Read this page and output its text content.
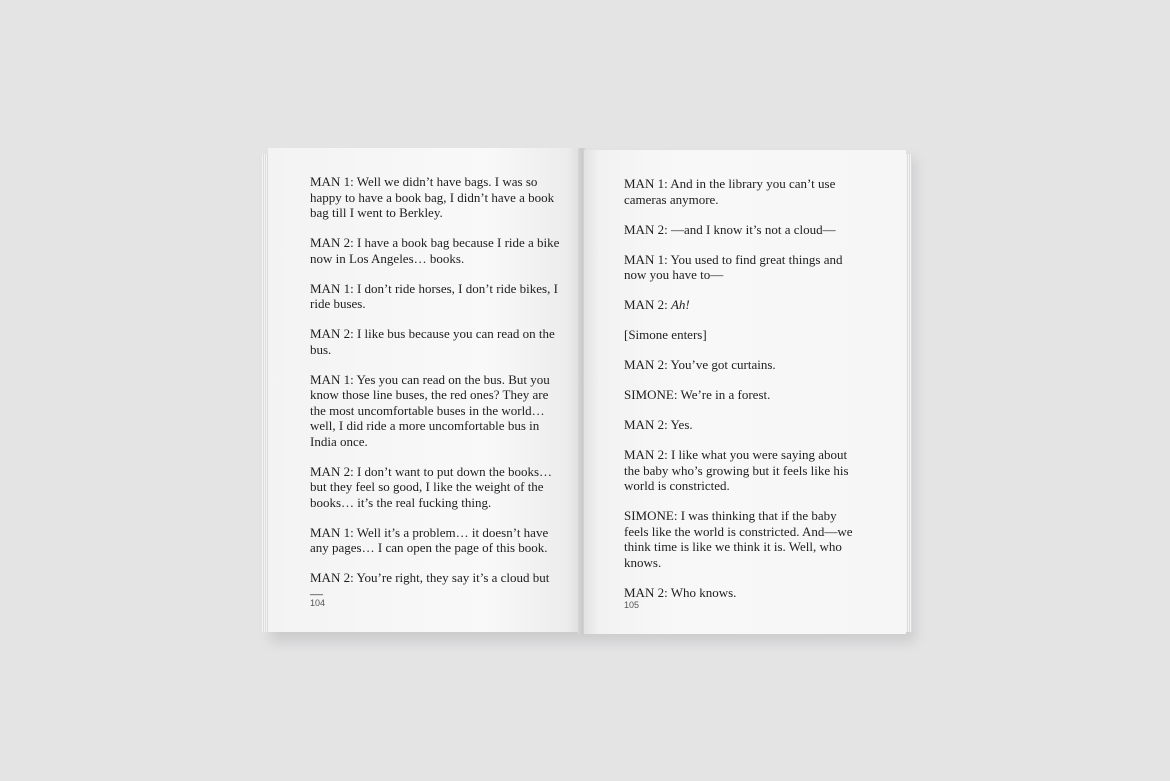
MAN 1: Well we didn’t have bags. I was so happy to have a book bag, I didn’t have a book bag till I went to Berkley.

MAN 2: I have a book bag because I ride a bike now in Los Angeles… books.

MAN 1: I don’t ride horses, I don’t ride bikes, I ride buses.

MAN 2: I like bus because you can read on the bus.

MAN 1: Yes you can read on the bus. But you know those line buses, the red ones? They are the most uncomfortable buses in the world… well, I did ride a more uncomfortable bus in India once.

MAN 2: I don’t want to put down the books… but they feel so good, I like the weight of the books… it’s the real fucking thing.

MAN 1: Well it’s a problem… it doesn’t have any pages… I can open the page of this book.

MAN 2: You’re right, they say it’s a cloud but—

104

MAN 1: And in the library you can’t use cameras anymore.

MAN 2: —and I know it’s not a cloud—

MAN 1: You used to find great things and now you have to—

MAN 2: Ah!

[Simone enters]

MAN 2: You’ve got curtains.

SIMONE: We’re in a forest.

MAN 2: Yes.

MAN 2: I like what you were saying about the baby who’s growing but it feels like his world is constricted.

SIMONE: I was thinking that if the baby feels like the world is constricted. And—we think time is like we think it is. Well, who knows.

MAN 2: Who knows.

105
